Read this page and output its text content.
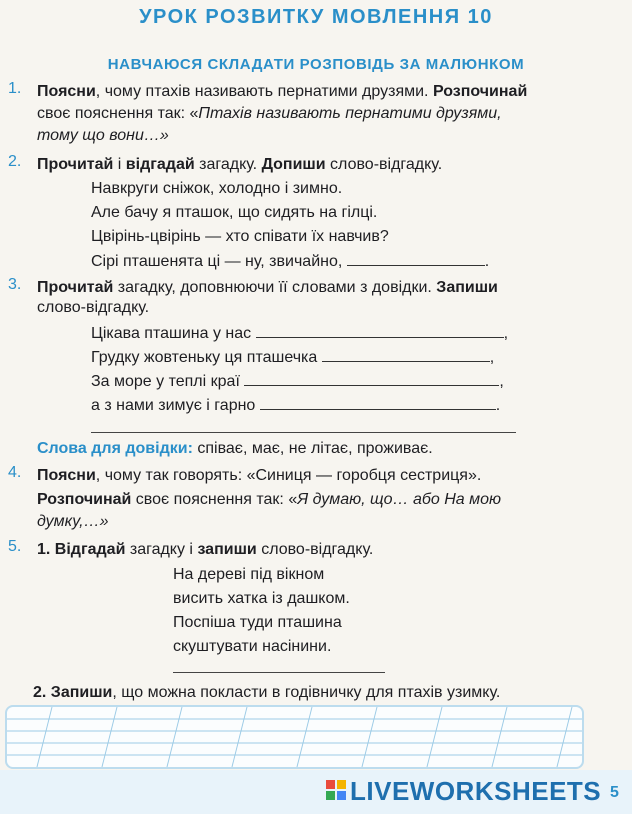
УРОК РОЗВИТКУ МОВЛЕННЯ 10
НАВЧАЮСЯ СКЛАДАТИ РОЗПОВІДЬ ЗА МАЛЮНКОМ
1. Поясни, чому птахів називають пернатими друзями. Розпочинай
своє пояснення так: «Птахів називають пернатими друзями,
тому що вони…»
2. Прочитай і відгадай загадку. Допиши слово-відгадку.
Навкруги сніжок, холодно і зимно.
Але бачу я пташок, що сидять на гілці.
Цвірінь-цвірінь — хто співати їх навчив?
Сірі пташенята ці — ну, звичайно,	.
3. Прочитай загадку, доповнюючи її словами з довідки. Запиши
слово-відгадку.
Цікава пташина у нас	,
Грудку жовтеньку ця пташечка	,
За море у теплі краї	,
а з нами зимує і гарно	.
Слова для довідки: співає, має, не літає, проживає.
4. Поясни, чому так говорять: «Синиця — горобця сестриця».
Розпочинай своє пояснення так: «Я думаю, що… або На мою
думку,…»
5. 1. Відгадай загадку і запиши слово-відгадку.
На дереві під вікном
висить хатка із дашком.
Поспіша туди пташина
скуштувати насінини.
2. Запиши, що можна покласти в годівничку для птахів узимку.
LIVEWORKSHEETS 5
